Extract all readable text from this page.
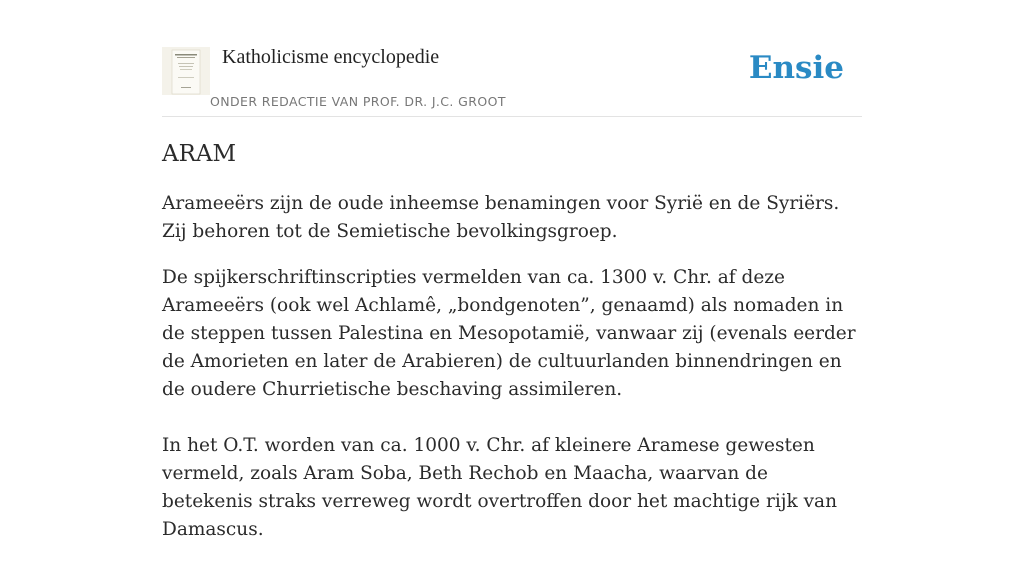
Katholicisme encyclopedie
ONDER REDACTIE VAN PROF. DR. J.C. GROOT
Ensie
ARAM

Arameeërs zijn de oude inheemse benamingen voor Syrië en de Syriërs. Zij behoren tot de Semietische bevolkingsgroep.

De spijkerschriftinscripties vermelden van ca. 1300 v. Chr. af deze Arameeërs (ook wel Achlamê, „bondgenoten”, genaamd) als nomaden in de steppen tussen Palestina en Mesopotamië, vanwaar zij (evenals eerder de Amorieten en later de Arabieren) de cultuurlanden binnendringen en de oudere Churrietische beschaving assimileren.

In het O.T. worden van ca. 1000 v. Chr. af kleinere Aramese gewesten vermeld, zoals Aram Soba, Beth Rechob en Maacha, waarvan de betekenis straks verreweg wordt overtroffen door het machtige rijk van Damascus.
